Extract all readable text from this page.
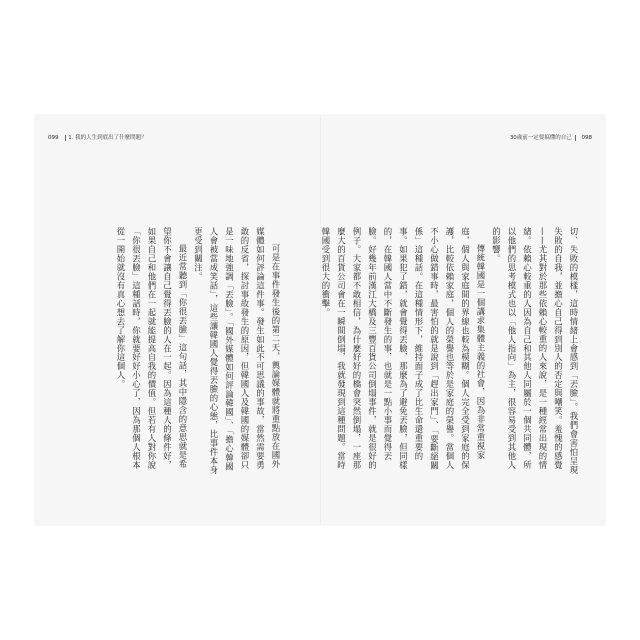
099 1. 我的人生到底出了什麼問題？	30歲前一定要搞懂的自己 098

可是在事件發生後的第二天，輿論媒體就將重點放在國外媒體如何評論這件事。發生如此不可思議的事故，當然需要勇敢的反省，探討事故發生的原因，但韓國人及韓國的媒體卻只是一味地強調「丟臉」。「國外媒體如何評論韓國」、「擔心韓國人會被當成笑話」，這些讓韓國人覺得丟臉的心態，比事件本身更受到關注。

最近常聽到「你很丟臉」這句話，其中隱含的意思就是希望你不會讓自己覺得丟臉的人在一起。因為這種人的條件好，如果自己和他們在一起就能提高自我的價值。但若有人對你說「你很丟臉」這種話時，你就要好好小心了，因為那個人根本從一開始就沒有真心想去了解你這個人。	切、失敗的模樣，這時情緒上會感到「丟臉」。我們會害怕呈現失敗的自我，並擔心自己得到別人的否定與嘲笑。羞愧的感覺——尤其對於那些依賴心較重的人來說，是一種經常出現的情緒。依賴心較重的人因為自己和其他人同屬於一個共同體，所以他們的思考模式也以「他人指向」為主，很容易受到其他人的影響。

傳統韓國是一個講求集體主義的社會，因為非常重視家庭，個人與家庭間的界線也較為模糊。個人完全受到家庭的保護，比較依賴家庭，個人的榮譽也等於是家庭的榮譽。當個人不小心做錯事時，最害怕的就是說到「趕出家門」、「要斷絕關係」這種話。在這種情形下，維持面子成了比生命還重要的事。如果犯了錯，就會覺得丟臉，那麼為了避免丟臉，但同樣的，在韓國人當中不斷發生的事，也就是一點小事而覺得丟臉。好幾年前漢江大橋及三豐百貨公司倒塌事件，就是很好的例子。大家都不敢相信，為什麼好好的橋會突然倒塌，一座那麼大的百貨公司會在一瞬間倒塌，我就發現到這種問題。當時韓國受到很大的衝擊。
